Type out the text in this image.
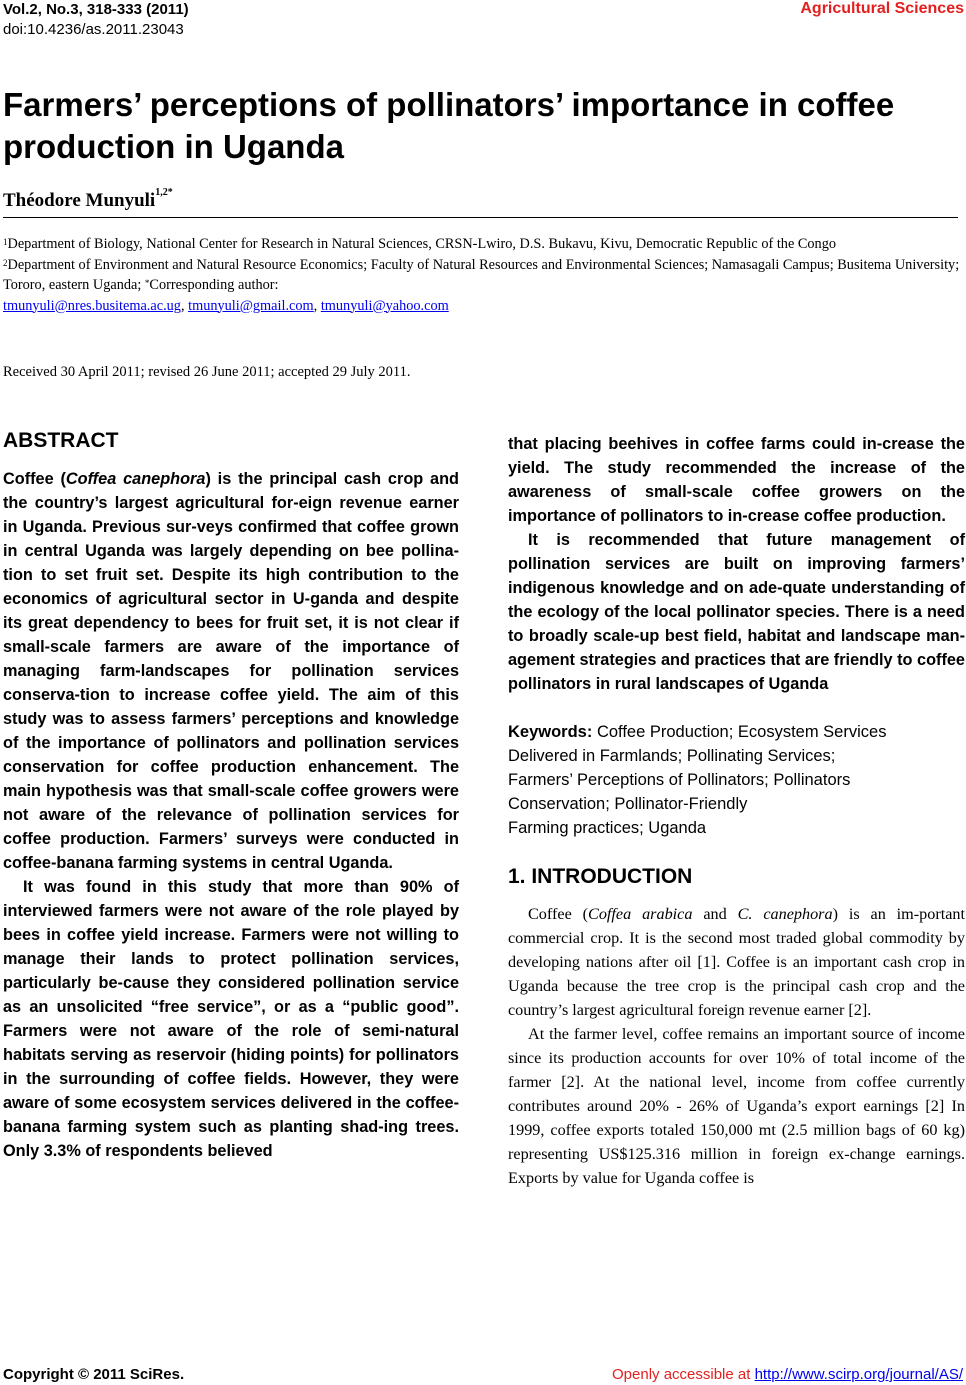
Vol.2, No.3, 318-333 (2011)
doi:10.4236/as.2011.23043
Agricultural Sciences
Farmers’ perceptions of pollinators’ importance in coffee production in Uganda
Théodore Munyuli$^{1,2*}$

$^1$Department of Biology, National Center for Research in Natural Sciences, CRSN-Lwiro, D.S. Bukavu, Kivu, Democratic Republic of the Congo

$^2$Department of Environment and Natural Resource Economics; Faculty of Natural Resources and Environmental Sciences; Namasagali Campus; Busitema University; Tororo, eastern Uganda; *Corresponding author:

tmunyuli@nres.busitema.ac.ug, tmunyuli@gmail.com, tmunyuli@yahoo.com

Received 30 April 2011; revised 26 June 2011; accepted 29 July 2011.
ABSTRACT

Coffee (Coffea canephora) is the principal cash crop and the country’s largest agricultural for-eign revenue earner in Uganda. Previous sur-veys confirmed that coffee grown in central Uganda was largely depending on bee pollina-tion to set fruit set. Despite its high contribution to the economics of agricultural sector in U-ganda and despite its great dependency to bees for fruit set, it is not clear if small-scale farmers are aware of the importance of managing farm-landscapes for pollination services conserva-tion to increase coffee yield. The aim of this study was to assess farmers’ perceptions and knowledge of the importance of pollinators and pollination services conservation for coffee production enhancement. The main hypothesis was that small-scale coffee growers were not aware of the relevance of pollination services for coffee production. Farmers’ surveys were conducted in coffee-banana farming systems in central Uganda.

It was found in this study that more than 90% of interviewed farmers were not aware of the role played by bees in coffee yield increase. Farmers were not willing to manage their lands to protect pollination services, particularly be-cause they considered pollination service as an unsolicited “free service”, or as a “public good”. Farmers were not aware of the role of semi-natural habitats serving as reservoir (hiding points) for pollinators in the surrounding of coffee fields. However, they were aware of some ecosystem services delivered in the coffee-banana farming system such as planting shad-ing trees. Only 3.3% of respondents believed

that placing beehives in coffee farms could in-crease the yield. The study recommended the increase of the awareness of small-scale coffee growers on the importance of pollinators to in-crease coffee production.

It is recommended that future management of pollination services are built on improving farmers’ indigenous knowledge and on ade-quate understanding of the ecology of the local pollinator species. There is a need to broadly scale-up best field, habitat and landscape man-agement strategies and practices that are friendly to coffee pollinators in rural landscapes of Uganda

Keywords: Coffee Production; Ecosystem Services
Delivered in Farmlands; Pollinating Services;
Farmers’ Perceptions of Pollinators; Pollinators
Conservation; Pollinator-Friendly
Farming practices; Uganda
1. INTRODUCTION

Coffee (Coffea arabica and C. canephora) is an im-portant commercial crop. It is the second most traded global commodity by developing nations after oil [1]. Coffee is an important cash crop in Uganda because the tree crop is the principal cash crop and the country’s largest agricultural foreign revenue earner [2].

At the farmer level, coffee remains an important source of income since its production accounts for over 10% of total income of the farmer [2]. At the national level, income from coffee currently contributes around 20% - 26% of Uganda’s export earnings [2] In 1999, coffee exports totaled 150,000 mt (2.5 million bags of 60 kg) representing US$125.316 million in foreign ex-change earnings. Exports by value for Uganda coffee is

Copyright © 2011 SciRes.	Openly accessible at http://www.scirp.org/journal/AS/
